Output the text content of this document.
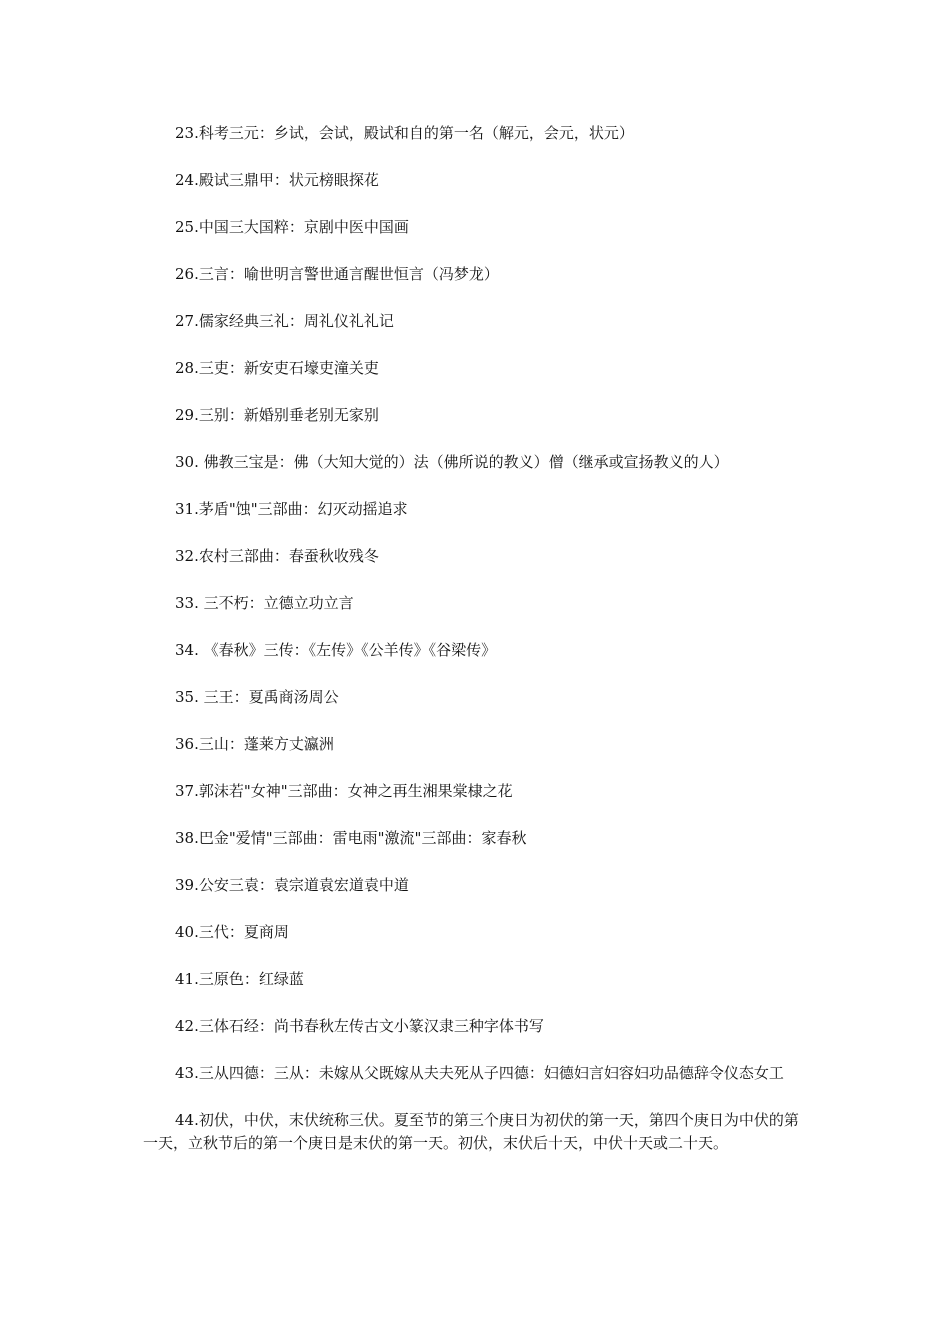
23.科考三元：乡试，会试，殿试和自的第一名（解元，会元，状元）

24.殿试三鼎甲：状元榜眼探花

25.中国三大国粹：京剧中医中国画

26.三言：喻世明言警世通言醒世恒言（冯梦龙）

27.儒家经典三礼：周礼仪礼礼记

28.三吏：新安吏石壕吏潼关吏

29.三别：新婚别垂老别无家别

30. 佛教三宝是：佛（大知大觉的）法（佛所说的教义）僧（继承或宣扬教义的人）

31.茅盾"蚀"三部曲：幻灭动摇追求

32.农村三部曲：春蚕秋收残冬

33. 三不朽：立德立功立言

34. 《春秋》三传：《左传》《公羊传》《谷梁传》

35. 三王：夏禹商汤周公

36.三山：蓬莱方丈瀛洲

37.郭沫若"女神"三部曲：女神之再生湘果棠棣之花

38.巴金"爱情"三部曲：雷电雨"激流"三部曲：家春秋

39.公安三袁：袁宗道袁宏道袁中道

40.三代：夏商周

41.三原色：红绿蓝

42.三体石经：尚书春秋左传古文小篆汉隶三种字体书写

43.三从四德：三从：未嫁从父既嫁从夫夫死从子四德：妇德妇言妇容妇功品德辞令仪态女工

44.初伏，中伏，末伏统称三伏。夏至节的第三个庚日为初伏的第一天，第四个庚日为中伏的第一天，立秋节后的第一个庚日是末伏的第一天。初伏，末伏后十天，中伏十天或二十天。
